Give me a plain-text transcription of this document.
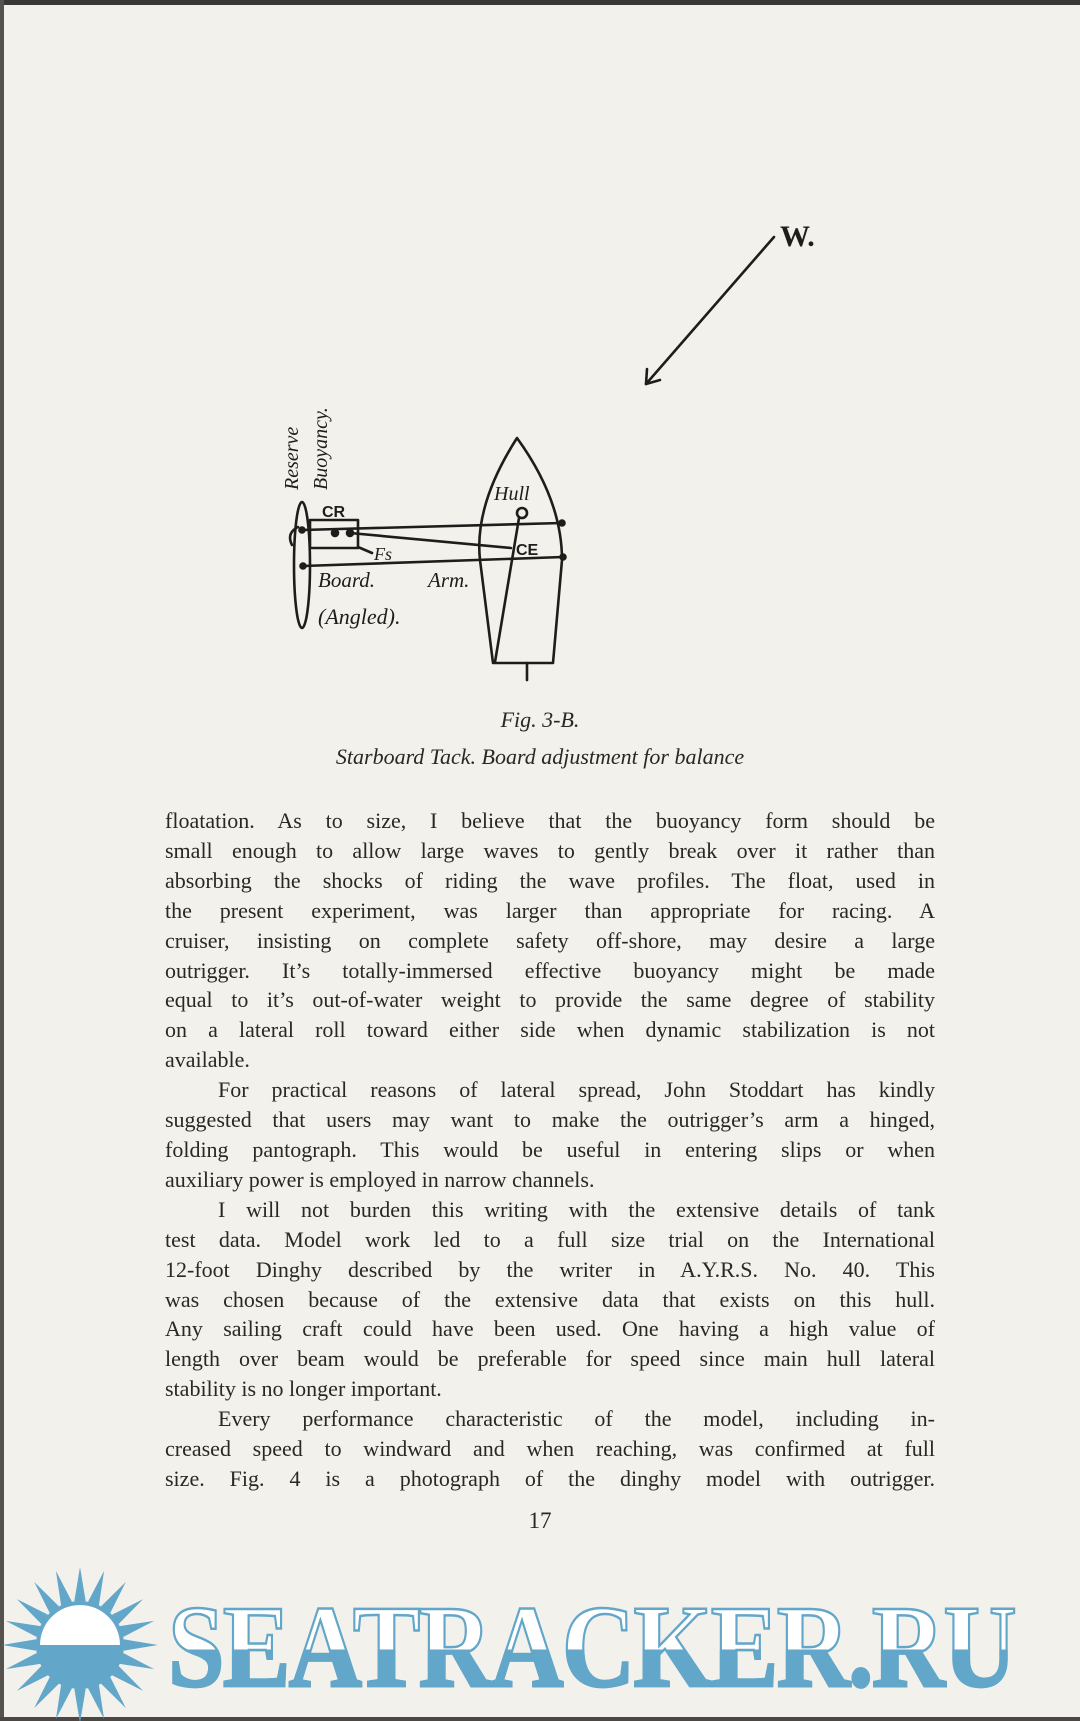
W.
CR
CE
Hull
Fs
Board.	Arm.
(Angled).
Reserve Buoyancy.
Fig. 3-B.
Starboard Tack. Board adjustment for balance
floatation. As to size, I believe that the buoyancy form should be
small enough to allow large waves to gently break over it rather than
absorbing the shocks of riding the wave profiles. The float, used in
the present experiment, was larger than appropriate for racing. A
cruiser, insisting on complete safety off-shore, may desire a large
outrigger. It’s totally-immersed effective buoyancy might be made
equal to it’s out-of-water weight to provide the same degree of stability
on a lateral roll toward either side when dynamic stabilization is not
available.
For practical reasons of lateral spread, John Stoddart has kindly
suggested that users may want to make the outrigger’s arm a hinged,
folding pantograph. This would be useful in entering slips or when
auxiliary power is employed in narrow channels.
I will not burden this writing with the extensive details of tank
test data. Model work led to a full size trial on the International
12-foot Dinghy described by the writer in A.Y.R.S. No. 40. This
was chosen because of the extensive data that exists on this hull.
Any sailing craft could have been used. One having a high value of
length over beam would be preferable for speed since main hull lateral
stability is no longer important.
Every performance characteristic of the model, including in-
creased speed to windward and when reaching, was confirmed at full
size. Fig. 4 is a photograph of the dinghy model with outrigger.
17
SEATRACKER.RU
